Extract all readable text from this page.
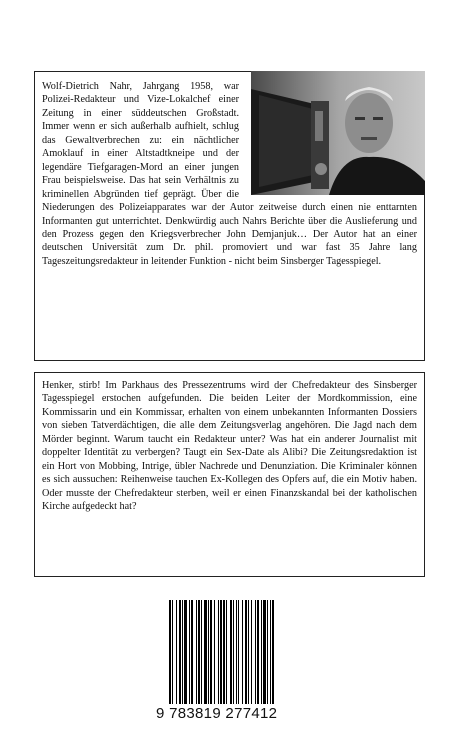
Wolf-Dietrich Nahr, Jahrgang 1958, war Polizei-Redakteur und Vize-Lokalchef einer Zeitung in einer süddeutschen Großstadt. Immer wenn er sich außerhalb aufhielt, schlug das Gewaltverbrechen zu: ein nächtlicher Amoklauf in einer Altstadtkneipe und der legendäre Tiefgaragen-Mord an einer jungen Frau beispielsweise. Das hat sein Verhältnis zu kriminellen Abgründen tief geprägt. Über die Niederungen des Polizeiapparates war der Autor zeitweise durch einen nie enttarnten Informanten gut unterrichtet. Denkwürdig auch Nahrs Berichte über die Auslieferung und den Prozess gegen den Kriegsverbrecher John Demjanjuk… Der Autor hat an einer deutschen Universität zum Dr. phil. promoviert und war fast 35 Jahre lang Tageszeitungsredakteur in leitender Funktion - nicht beim Sinsberger Tagesspiegel.
Henker, stirb! Im Parkhaus des Pressezentrums wird der Chefredakteur des Sinsberger Tagesspiegel erstochen aufgefunden. Die beiden Leiter der Mordkommission, eine Kommissarin und ein Kommissar, erhalten von einem unbekannten Informanten Dossiers von sieben Tatverdächtigen, die alle dem Zeitungsverlag angehören. Die Jagd nach dem Mörder beginnt. Warum taucht ein Redakteur unter? Was hat ein anderer Journalist mit doppelter Identität zu verbergen? Taugt ein Sex-Date als Alibi? Die Zeitungsredaktion ist ein Hort von Mobbing, Intrige, übler Nachrede und Denunziation. Die Kriminaler können es sich aussuchen: Reihenweise tauchen Ex-Kollegen des Opfers auf, die ein Motiv haben. Oder musste der Chefredakteur sterben, weil er einen Finanzskandal bei der katholischen Kirche aufgedeckt hat?
9 783819 277412
